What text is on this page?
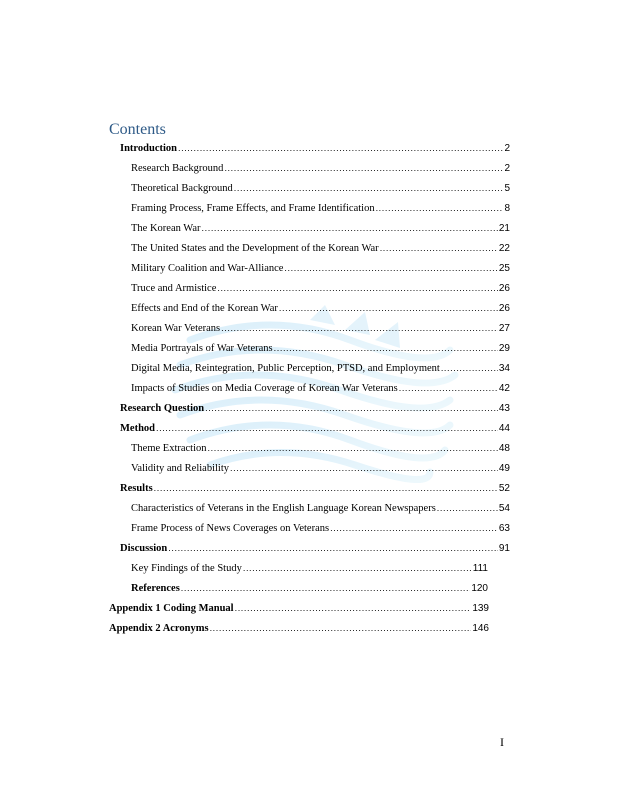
Contents
Introduction .....	2
Research Background .....	2
Theoretical Background .....	5
Framing Process, Frame Effects, and Frame Identification .....	8
The Korean War .....	21
The United States and the Development of the Korean War .....	22
Military Coalition and War-Alliance .....	25
Truce and Armistice .....	26
Effects and End of the Korean War .....	26
Korean War Veterans .....	27
Media Portrayals of War Veterans .....	29
Digital Media, Reintegration, Public Perception, PTSD, and Employment .....	34
Impacts of Studies on Media Coverage of Korean War Veterans .....	42
Research Question .....	43
Method .....	44
Theme Extraction .....	48
Validity and Reliability .....	49
Results .....	52
Characteristics of Veterans in the English Language Korean Newspapers .....	54
Frame Process of News Coverages on Veterans .....	63
Discussion .....	91
Key Findings of the Study .....	111
References .....	120
Appendix 1 Coding Manual .....	139
Appendix 2 Acronyms .....	146
I
